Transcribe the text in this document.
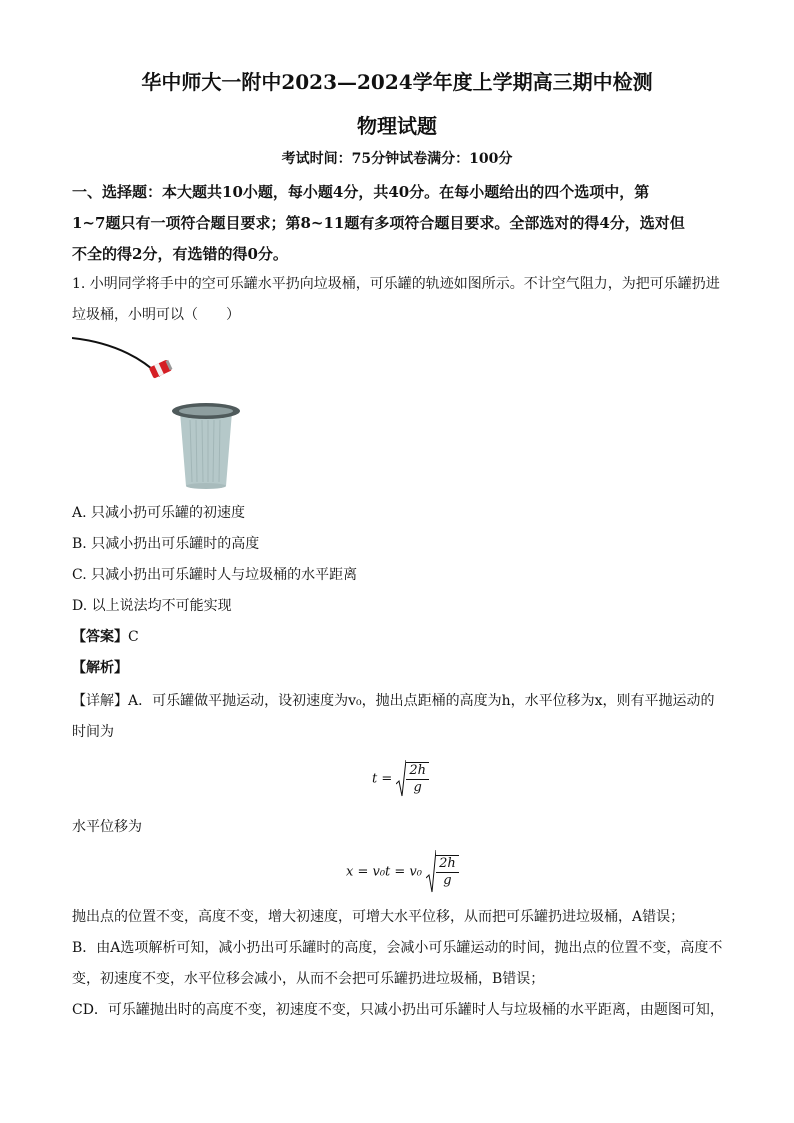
华中师大一附中2023—2024学年度上学期高三期中检测
物理试题
考试时间：75分钟试卷满分：100分
一、选择题：本大题共10小题，每小题4分，共40分。在每小题给出的四个选项中，第
1~7题只有一项符合题目要求；第8~11题有多项符合题目要求。全部选对的得4分，选对但
不全的得2分，有选错的得0分。
1. 小明同学将手中的空可乐罐水平扔向垃圾桶，可乐罐的轨迹如图所示。不计空气阻力，为把可乐罐扔进
垃圾桶，小明可以（　　）
A. 只减小扔可乐罐的初速度
B. 只减小扔出可乐罐时的高度
C. 只减小扔出可乐罐时人与垃圾桶的水平距离
D. 以上说法均不可能实现
【答案】C
【解析】
【详解】A．可乐罐做平抛运动，设初速度为v₀，抛出点距桶的高度为h，水平位移为x，则有平抛运动的
时间为
$t = \frac{2h}{g}$
水平位移为
$x = v_0t = v_0 \frac{2h}{g}$
抛出点的位置不变，高度不变，增大初速度，可增大水平位移，从而把可乐罐扔进垃圾桶，A错误；
B．由A选项解析可知，减小扔出可乐罐时的高度，会减小可乐罐运动的时间，抛出点的位置不变，高度不
变，初速度不变，水平位移会减小，从而不会把可乐罐扔进垃圾桶，B错误；
CD．可乐罐抛出时的高度不变，初速度不变，只减小扔出可乐罐时人与垃圾桶的水平距离，由题图可知，
